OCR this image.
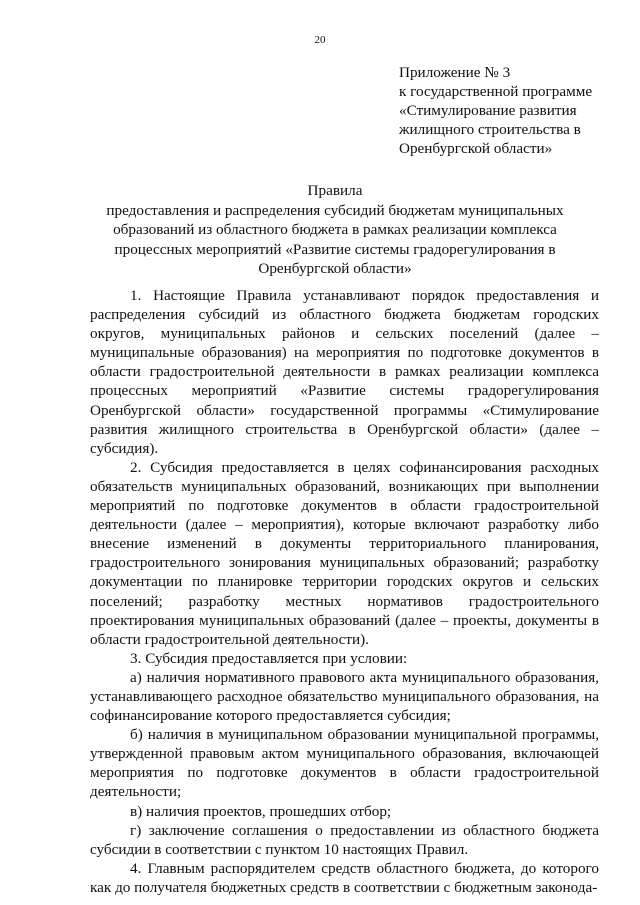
20
Приложение № 3
к государственной программе
«Стимулирование развития
жилищного строительства в
Оренбургской области»
Правила
предоставления и распределения субсидий бюджетам муниципальных
образований из областного бюджета в рамках реализации комплекса
процессных мероприятий «Развитие системы градорегулирования в
Оренбургской области»

1. Настоящие Правила устанавливают порядок предоставления и распределения субсидий из областного бюджета бюджетам городских округов, муниципальных районов и сельских поселений (далее – муниципальные образования) на мероприятия по подготовке документов в области градостроительной деятельности в рамках реализации комплекса процессных мероприятий «Развитие системы градорегулирования Оренбургской области» государственной программы «Стимулирование развития жилищного строительства в Оренбургской области» (далее – субсидия).

2. Субсидия предоставляется в целях софинансирования расходных обязательств муниципальных образований, возникающих при выполнении мероприятий по подготовке документов в области градостроительной деятельности (далее – мероприятия), которые включают разработку либо внесение изменений в документы территориального планирования, градостроительного зонирования муниципальных образований; разработку документации по планировке территории городских округов и сельских поселений; разработку местных нормативов градостроительного проектирования муниципальных образований (далее – проекты, документы в области градостроительной деятельности).

3. Субсидия предоставляется при условии:

а) наличия нормативного правового акта муниципального образования, устанавливающего расходное обязательство муниципального образования, на софинансирование которого предоставляется субсидия;

б) наличия в муниципальном образовании муниципальной программы, утвержденной правовым актом муниципального образования, включающей мероприятия по подготовке документов в области градостроительной деятельности;

в) наличия проектов, прошедших отбор;

г) заключение соглашения о предоставлении из областного бюджета субсидии в соответствии с пунктом 10 настоящих Правил.

4. Главным распорядителем средств областного бюджета, до которого как до получателя бюджетных средств в соответствии с бюджетным законода-
